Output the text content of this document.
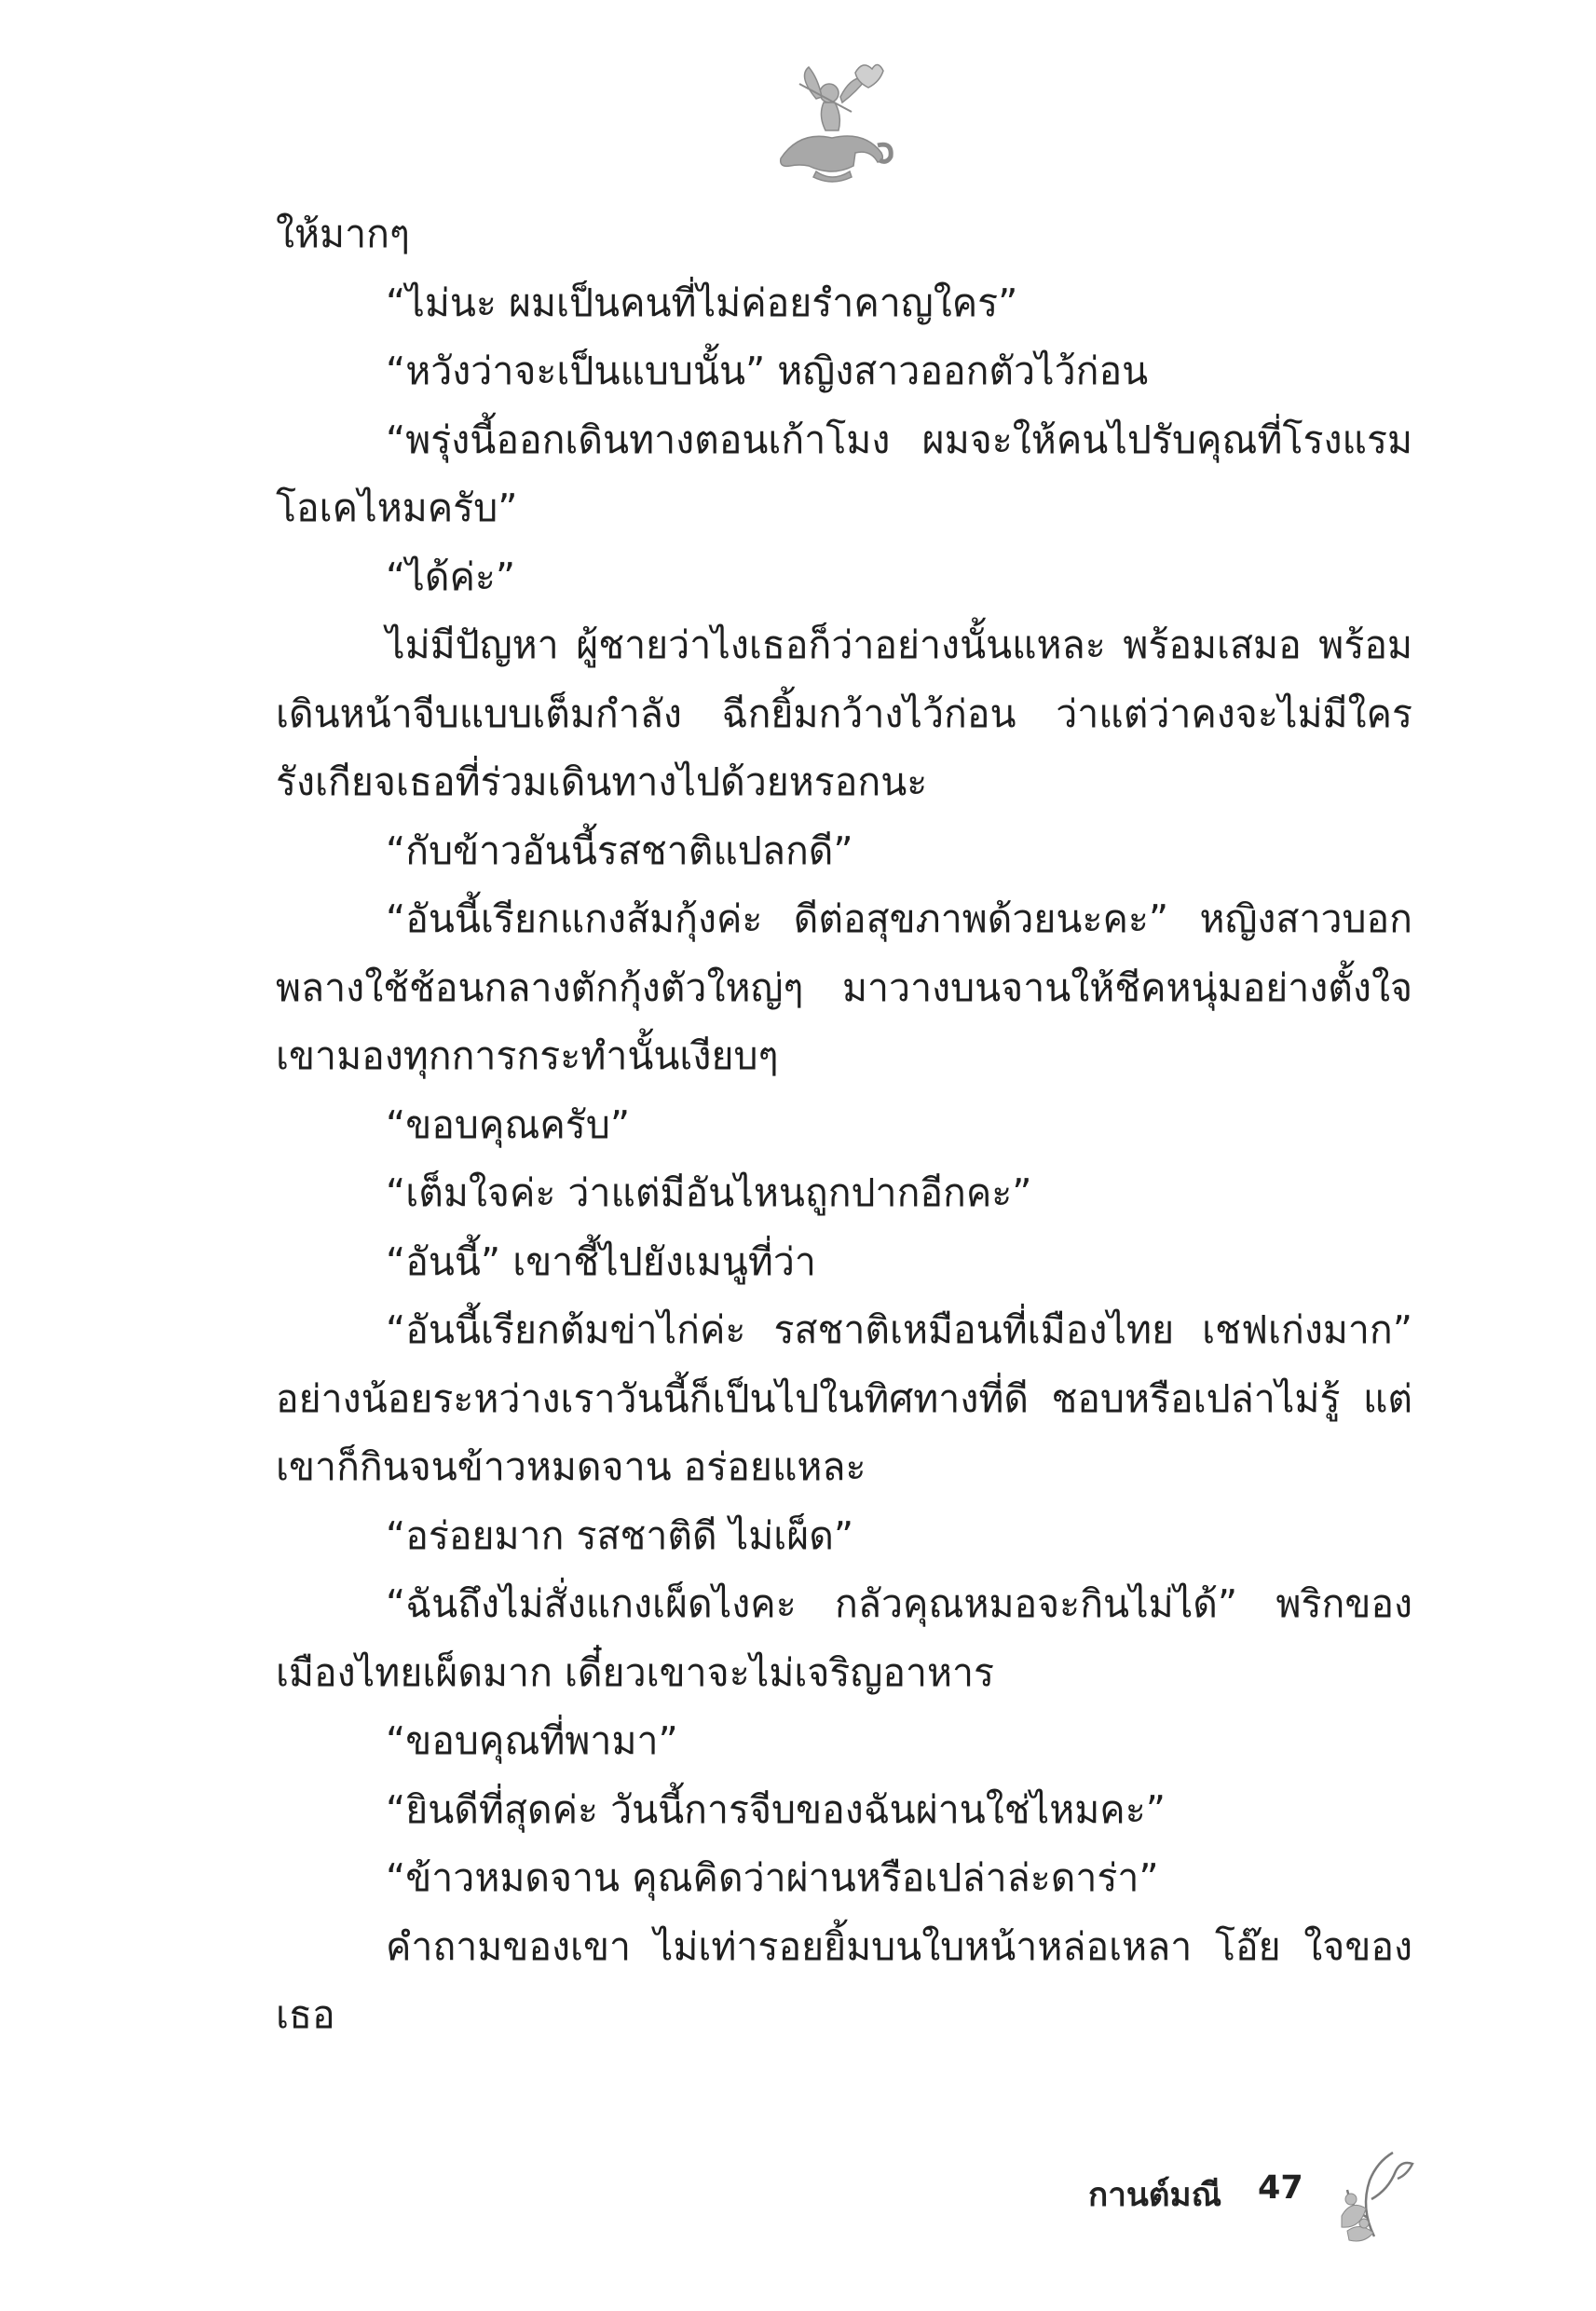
ให้มากๆ

“ไม่นะ ผมเป็นคนที่ไม่ค่อยรำคาญใคร”

“หวังว่าจะเป็นแบบนั้น” หญิงสาวออกตัวไว้ก่อน

“พรุ่งนี้ออกเดินทางตอนเก้าโมง ผมจะให้คนไปรับคุณที่โรงแรม โอเคไหมครับ”

“ได้ค่ะ”

ไม่มีปัญหา ผู้ชายว่าไงเธอก็ว่าอย่างนั้นแหละ พร้อมเสมอ พร้อมเดินหน้าจีบแบบเต็มกำลัง ฉีกยิ้มกว้างไว้ก่อน ว่าแต่ว่าคงจะไม่มีใครรังเกียจเธอที่ร่วมเดินทางไปด้วยหรอกนะ

“กับข้าวอันนี้รสชาติแปลกดี”

“อันนี้เรียกแกงส้มกุ้งค่ะ ดีต่อสุขภาพด้วยนะคะ” หญิงสาวบอกพลางใช้ช้อนกลางตักกุ้งตัวใหญ่ๆ มาวางบนจานให้ชีคหนุ่มอย่างตั้งใจ เขามองทุกการกระทำนั้นเงียบๆ

“ขอบคุณครับ”

“เต็มใจค่ะ ว่าแต่มีอันไหนถูกปากอีกคะ”

“อันนี้” เขาชี้ไปยังเมนูที่ว่า

“อันนี้เรียกต้มข่าไก่ค่ะ รสชาติเหมือนที่เมืองไทย เชฟเก่งมาก” อย่างน้อยระหว่างเราวันนี้ก็เป็นไปในทิศทางที่ดี ชอบหรือเปล่าไม่รู้ แต่เขาก็กินจนข้าวหมดจาน อร่อยแหละ

“อร่อยมาก รสชาติดี ไม่เผ็ด”

“ฉันถึงไม่สั่งแกงเผ็ดไงคะ กลัวคุณหมอจะกินไม่ได้” พริกของเมืองไทยเผ็ดมาก เดี๋ยวเขาจะไม่เจริญอาหาร

“ขอบคุณที่พามา”

“ยินดีที่สุดค่ะ วันนี้การจีบของฉันผ่านใช่ไหมคะ”

“ข้าวหมดจาน คุณคิดว่าผ่านหรือเปล่าล่ะดาร่า”

คำถามของเขา ไม่เท่ารอยยิ้มบนใบหน้าหล่อเหลา โอ๊ย ใจของเธอ

กานต์มณี 47
